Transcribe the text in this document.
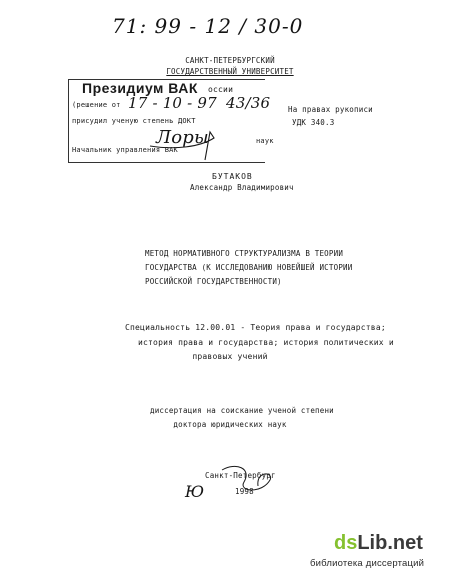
71: 99 - 12 / 30-0
САНКТ-ПЕТЕРБУРГСКИЙ
ГОСУДАРСТВЕННЫЙ УНИВЕРСИТЕТ
Президиум ВАК оссии
(решение от 17 - 10 - 97 43/36
присудил ученую степень ДОКТ
Лоры	наук
Начальник управления ВАК
На правах рукописи
УДК 340.3
БУТАКОВ
Александр Владимирович
МЕТОД НОРМАТИВНОГО СТРУКТУРАЛИЗМА В ТЕОРИИ
ГОСУДАРСТВА (К ИССЛЕДОВАНИЮ НОВЕЙШЕЙ ИСТОРИИ
РОССИЙСКОЙ ГОСУДАРСТВЕННОСТИ)
Специальность 12.00.01 - Теория права и государства;
история права и государства; история политических и
правовых учений
диссертация на соискание ученой степени
доктора юридических наук
Санкт-Петербург
1998
Ю
dsLib.net
библиотека диссертаций
